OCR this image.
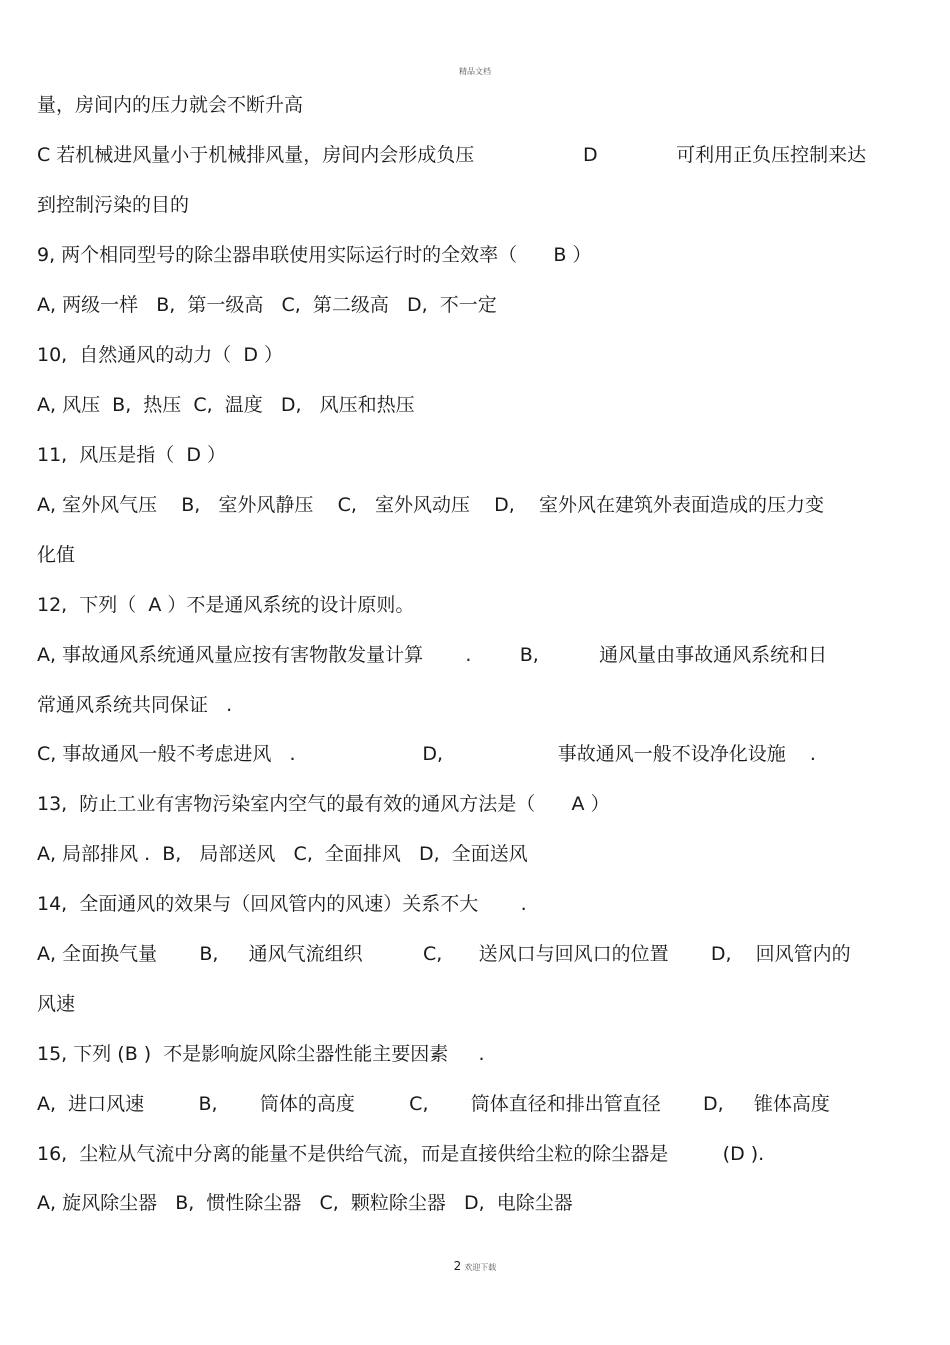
精品文档
量，房间内的压力就会不断升高
C 若机械进风量小于机械排风量，房间内会形成负压                  D             可利用正负压控制来达
到控制污染的目的
9, 两个相同型号的除尘器串联使用实际运行时的全效率（      B ）
A, 两级一样   B,  第一级高   C,  第二级高   D,  不一定
10,  自然通风的动力（  D ）
A, 风压  B,  热压  C,  温度   D,   风压和热压
11,  风压是指（  D ）
A, 室外风气压    B,   室外风静压    C,   室外风动压    D,    室外风在建筑外表面造成的压力变
化值
12,  下列（  A ）不是通风系统的设计原则。
A, 事故通风系统通风量应按有害物散发量计算       .        B,          通风量由事故通风系统和日
常通风系统共同保证   .
C, 事故通风一般不考虑进风   .                     D,                   事故通风一般不设净化设施    .
13,  防止工业有害物污染室内空气的最有效的通风方法是（      A ）
A, 局部排风 .  B,   局部送风   C,  全面排风   D,  全面送风
14,  全面通风的效果与（回风管内的风速）关系不大       .
A, 全面换气量       B,     通风气流组织          C,      送风口与回风口的位置       D,    回风管内的
风速
15, 下列 (B )  不是影响旋风除尘器性能主要因素     .
A,  进口风速         B,       筒体的高度         C,       筒体直径和排出管直径       D,     锥体高度
16,  尘粒从气流中分离的能量不是供给气流，而是直接供给尘粒的除尘器是         (D ).
A, 旋风除尘器   B,  惯性除尘器   C,  颗粒除尘器   D,  电除尘器
2 欢迎下载
